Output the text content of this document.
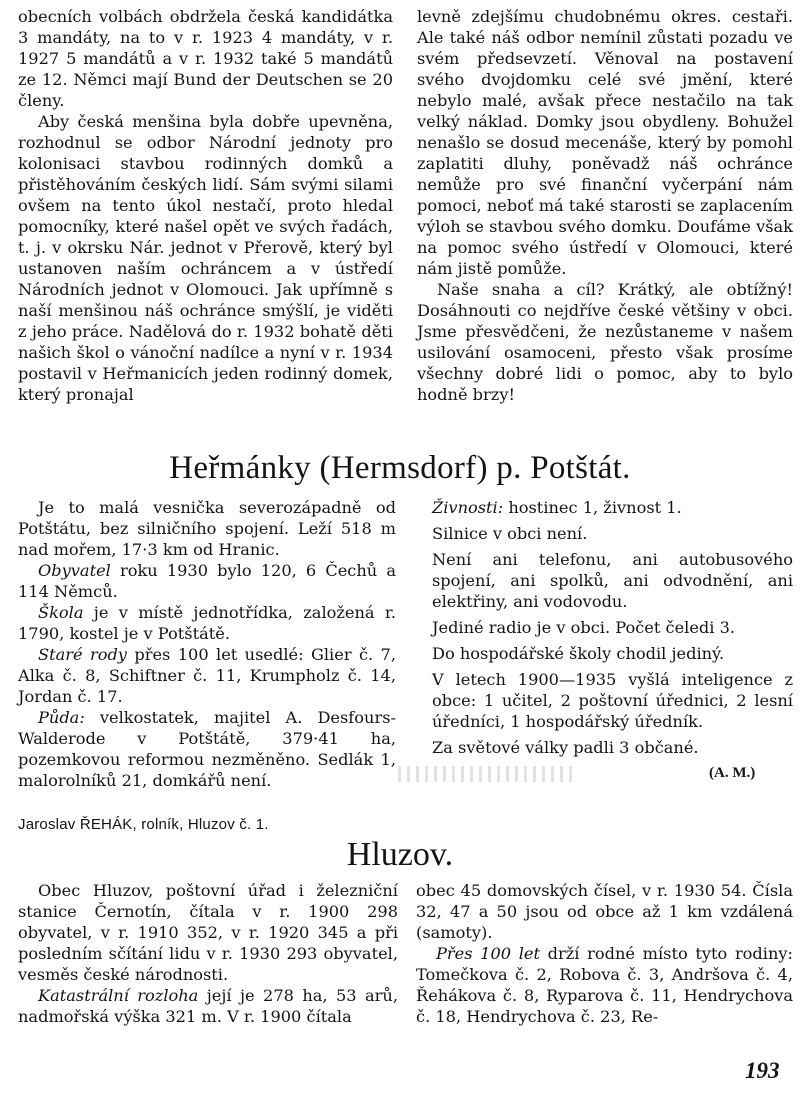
obecních volbách obdržela česká kandidátka 3 mandáty, na to v r. 1923 4 mandáty, v r. 1927 5 mandátů a v r. 1932 také 5 mandátů ze 12. Němci mají Bund der Deutschen se 20 členy.

Aby česká menšina byla dobře upevněna, rozhodnul se odbor Národní jednoty pro kolonisaci stavbou rodinných domků a přistěhováním českých lidí. Sám svými silami ovšem na tento úkol nestačí, proto hledal pomocníky, které našel opět ve svých řadách, t. j. v okrsku Nár. jednot v Přerově, který byl ustanoven naším ochráncem a v ústředí Národních jednot v Olomouci. Jak upřímně s naší menšinou náš ochránce smýšlí, je viděti z jeho práce. Nadělová do r. 1932 bohatě děti našich škol o vánoční nadílce a nyní v r. 1934 postavil v Heřmanicích jeden rodinný domek, který pronajal

levně zdejšímu chudobnému okres. cestaři. Ale také náš odbor nemínil zůstati pozadu ve svém předsevzetí. Věnoval na postavení svého dvojdomku celé své jmění, které nebylo malé, avšak přece nestačilo na tak velký náklad. Domky jsou obydleny. Bohužel nenašlo se dosud mecenáše, který by pomohl zaplatiti dluhy, poněvadž náš ochránce nemůže pro své finanční vyčerpání nám pomoci, neboť má také starosti se zaplacením výloh se stavbou svého domku. Doufáme však na pomoc svého ústředí v Olomouci, které nám jistě pomůže.

Naše snaha a cíl? Krátký, ale obtížný! Dosáhnouti co nejdříve české většiny v obci. Jsme přesvědčeni, že nezůstaneme v našem usilování osamoceni, přesto však prosíme všechny dobré lidi o pomoc, aby to bylo hodně brzy!

Heřmánky (Hermsdorf) p. Potštát.

Je to malá vesnička severozápadně od Potštátu, bez silničního spojení. Leží 518 m nad mořem, 17·3 km od Hranic.

Obyvatel roku 1930 bylo 120, 6 Čechů a 114 Němců.

Škola je v místě jednotřídka, založená r. 1790, kostel je v Potštátě.

Staré rody přes 100 let usedlé: Glier č. 7, Alka č. 8, Schiftner č. 11, Krumpholz č. 14, Jordan č. 17.

Půda: velkostatek, majitel A. Desfours-Walderode v Potštátě, 379·41 ha, pozemkovou reformou nezměněno. Sedlák 1, malorolníků 21, domkářů není.

Živnosti: hostinec 1, živnost 1.

Silnice v obci není.

Není ani telefonu, ani autobusového spojení, ani spolků, ani odvodnění, ani elektřiny, ani vodovodu.

Jediné radio je v obci. Počet čeledi 3.

Do hospodářské školy chodil jediný.

V letech 1900—1935 vyšlá inteligence z obce: 1 učitel, 2 poštovní úřednici, 2 lesní úředníci, 1 hospodářský úředník.

Za světové války padli 3 občané.

(A. M.)
Jaroslav ŘEHÁK, rolník, Hluzov č. 1.
Hluzov.

Obec Hluzov, poštovní úřad i železniční stanice Černotín, čítala v r. 1900 298 obyvatel, v r. 1910 352, v r. 1920 345 a při posledním sčítání lidu v r. 1930 293 obyvatel, vesměs české národnosti.

Katastrální rozloha její je 278 ha, 53 arů, nadmořská výška 321 m. V r. 1900 čítala

obec 45 domovských čísel, v r. 1930 54. Čísla 32, 47 a 50 jsou od obce až 1 km vzdálená (samoty).

Přes 100 let drží rodné místo tyto rodiny: Tomečkova č. 2, Robova č. 3, Andršova č. 4, Řehákova č. 8, Ryparova č. 11, Hendrychova č. 18, Hendrychova č. 23, Re-

193
